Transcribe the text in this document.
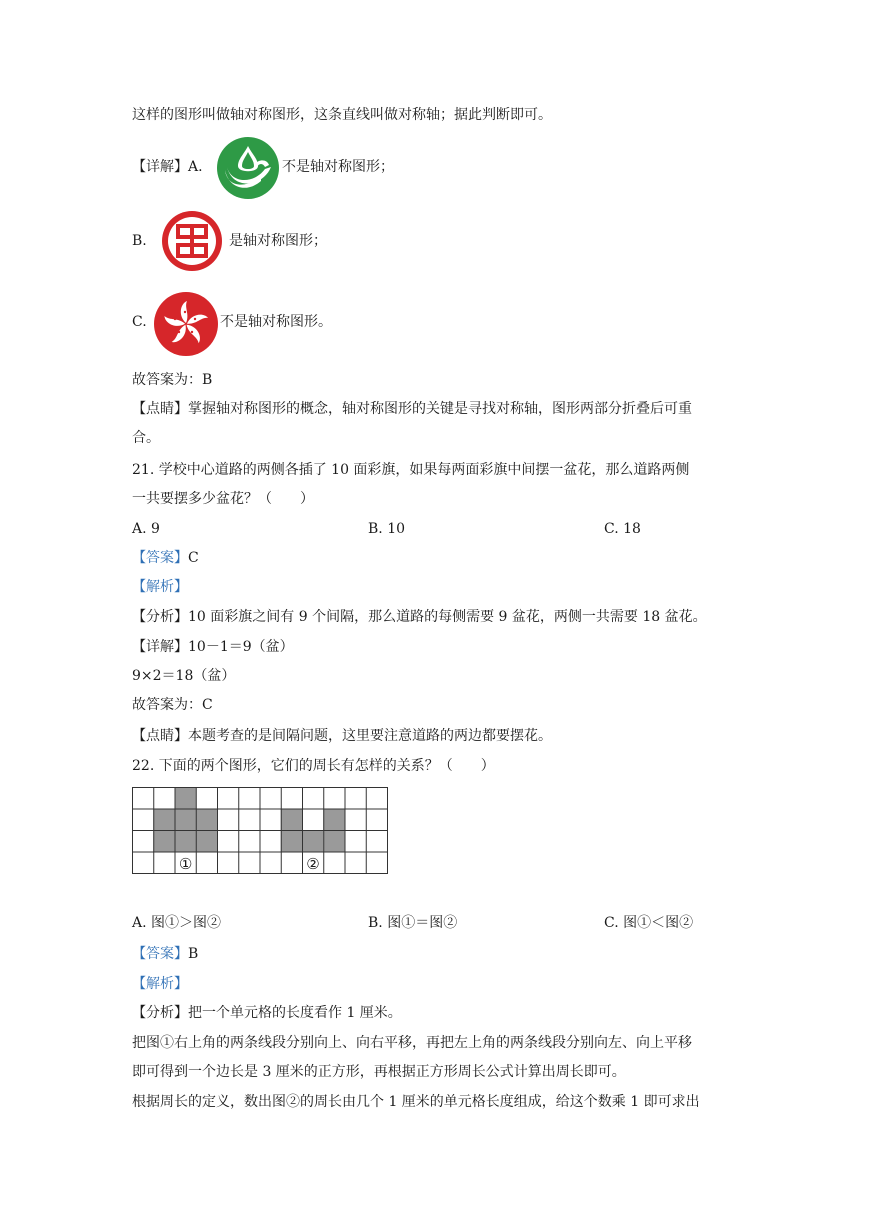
这样的图形叫做轴对称图形，这条直线叫做对称轴；据此判断即可。
【详解】A.	不是轴对称图形；
B.	是轴对称图形；
C.	不是轴对称图形。
故答案为：B
【点睛】掌握轴对称图形的概念，轴对称图形的关键是寻找对称轴，图形两部分折叠后可重
合。
21. 学校中心道路的两侧各插了 10 面彩旗，如果每两面彩旗中间摆一盆花，那么道路两侧
一共要摆多少盆花？（　　）
A. 9	B. 10	C. 18
【答案】C
【解析】
【分析】10 面彩旗之间有 9 个间隔，那么道路的每侧需要 9 盆花，两侧一共需要 18 盆花。
【详解】10－1＝9（盆）
9×2＝18（盆）
故答案为：C
【点睛】本题考查的是间隔问题，这里要注意道路的两边都要摆花。
22. 下面的两个图形，它们的周长有怎样的关系？（　　）
①	②
A. 图①＞图②	B. 图①＝图②	C. 图①＜图②
【答案】B
【解析】
【分析】把一个单元格的长度看作 1 厘米。
把图①右上角的两条线段分别向上、向右平移，再把左上角的两条线段分别向左、向上平移
即可得到一个边长是 3 厘米的正方形，再根据正方形周长公式计算出周长即可。
根据周长的定义，数出图②的周长由几个 1 厘米的单元格长度组成，给这个数乘 1 即可求出
